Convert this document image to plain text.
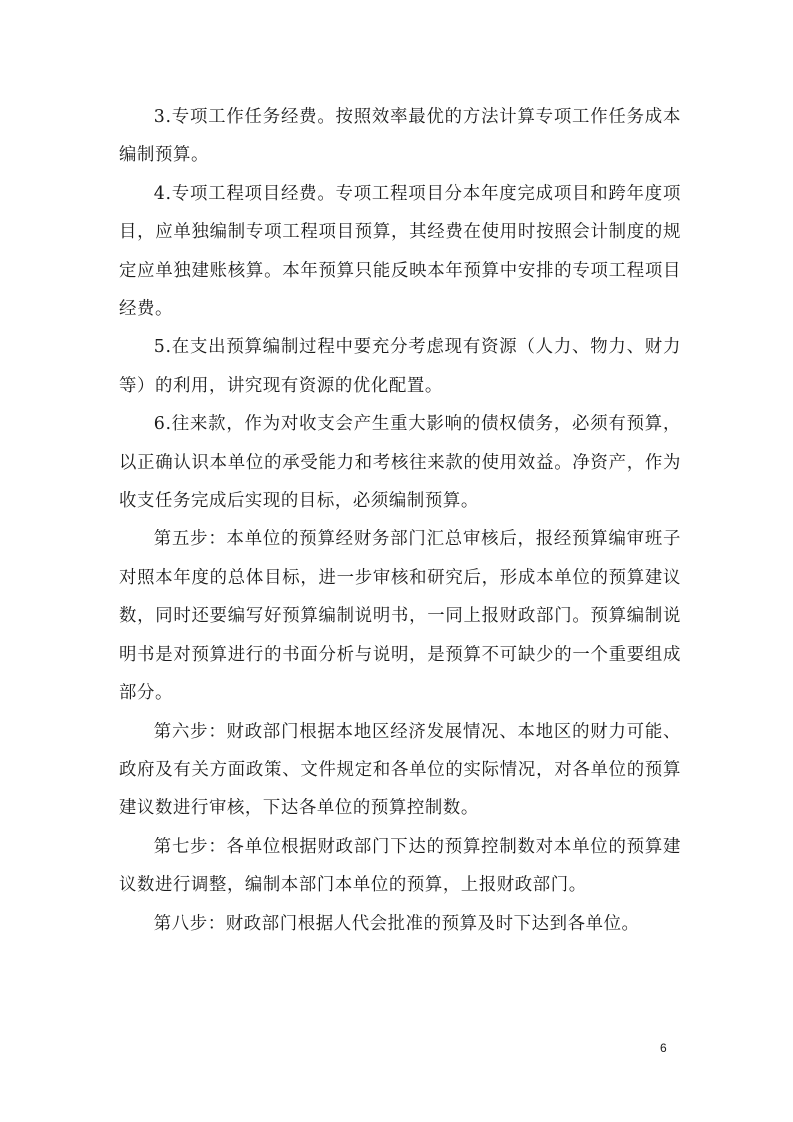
3.专项工作任务经费。按照效率最优的方法计算专项工作任务成本编制预算。

4.专项工程项目经费。专项工程项目分本年度完成项目和跨年度项目，应单独编制专项工程项目预算，其经费在使用时按照会计制度的规定应单独建账核算。本年预算只能反映本年预算中安排的专项工程项目经费。

5.在支出预算编制过程中要充分考虑现有资源（人力、物力、财力等）的利用，讲究现有资源的优化配置。

6.往来款，作为对收支会产生重大影响的债权债务，必须有预算，以正确认识本单位的承受能力和考核往来款的使用效益。净资产，作为收支任务完成后实现的目标，必须编制预算。

第五步：本单位的预算经财务部门汇总审核后，报经预算编审班子对照本年度的总体目标，进一步审核和研究后，形成本单位的预算建议数，同时还要编写好预算编制说明书，一同上报财政部门。预算编制说明书是对预算进行的书面分析与说明，是预算不可缺少的一个重要组成部分。

第六步：财政部门根据本地区经济发展情况、本地区的财力可能、政府及有关方面政策、文件规定和各单位的实际情况，对各单位的预算建议数进行审核，下达各单位的预算控制数。

第七步：各单位根据财政部门下达的预算控制数对本单位的预算建议数进行调整，编制本部门本单位的预算，上报财政部门。

第八步：财政部门根据人代会批准的预算及时下达到各单位。

6
